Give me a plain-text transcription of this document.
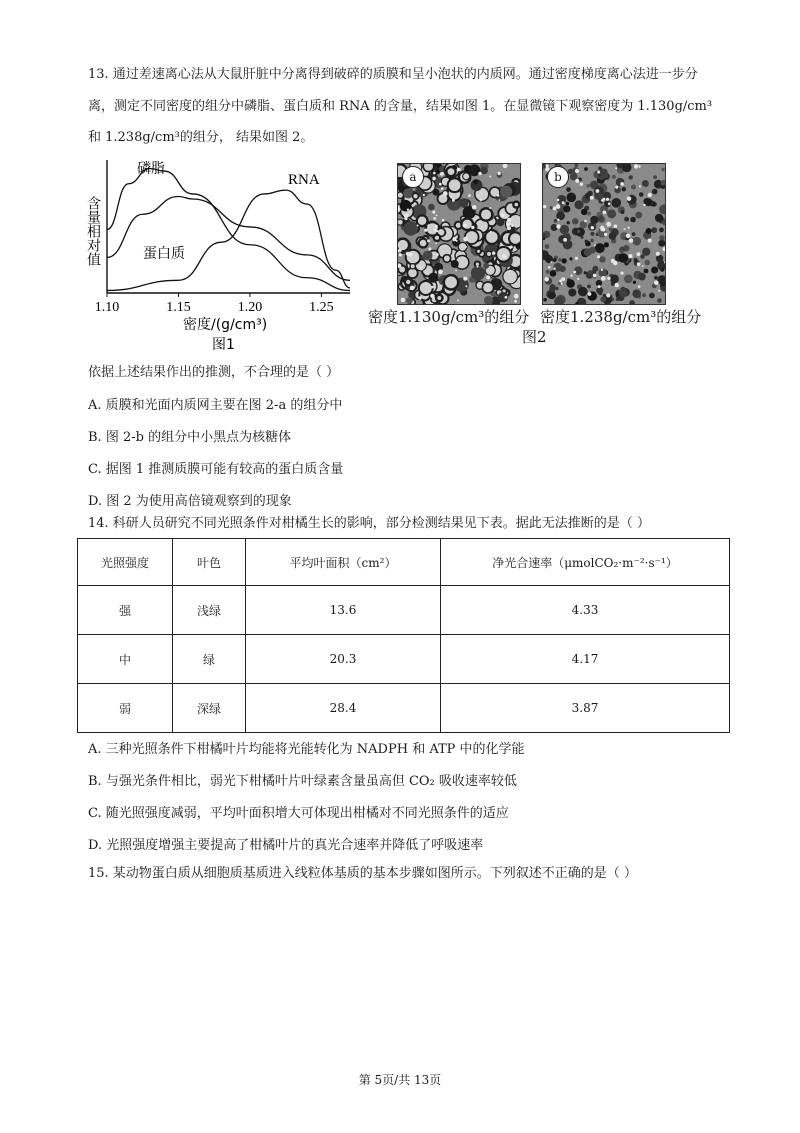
13. 通过差速离心法从大鼠肝脏中分离得到破碎的质膜和呈小泡状的内质网。通过密度梯度离心法进一步分
离，测定不同密度的组分中磷脂、蛋白质和 RNA 的含量，结果如图 1。在显微镜下观察密度为 1.130g/cm³
和 1.238g/cm³的组分， 结果如图 2。
1.10	1.15	1.20	1.25
含量相对值
磷脂
RNA
蛋白质
密度/(g/cm³)
图1
a	b
密度1.130g/cm³的组分 密度1.238g/cm³的组分
图2
依据上述结果作出的推测，不合理的是（ ）
A. 质膜和光面内质网主要在图 2-a 的组分中
B. 图 2-b 的组分中小黑点为核糖体
C. 据图 1 推测质膜可能有较高的蛋白质含量
D. 图 2 为使用高倍镜观察到的现象
14. 科研人员研究不同光照条件对柑橘生长的影响，部分检测结果见下表。据此无法推断的是（ ）
光照强度	叶色	平均叶面积（cm²）	净光合速率（μmolCO₂·m⁻²·s⁻¹）
强	浅绿	13.6	4.33
中	绿	20.3	4.17
弱	深绿	28.4	3.87
A. 三种光照条件下柑橘叶片均能将光能转化为 NADPH 和 ATP 中的化学能
B. 与强光条件相比，弱光下柑橘叶片叶绿素含量虽高但 CO₂ 吸收速率较低
C. 随光照强度减弱，平均叶面积增大可体现出柑橘对不同光照条件的适应
D. 光照强度增强主要提高了柑橘叶片的真光合速率并降低了呼吸速率
15. 某动物蛋白质从细胞质基质进入线粒体基质的基本步骤如图所示。下列叙述不正确的是（ ）
第 5页/共 13页
